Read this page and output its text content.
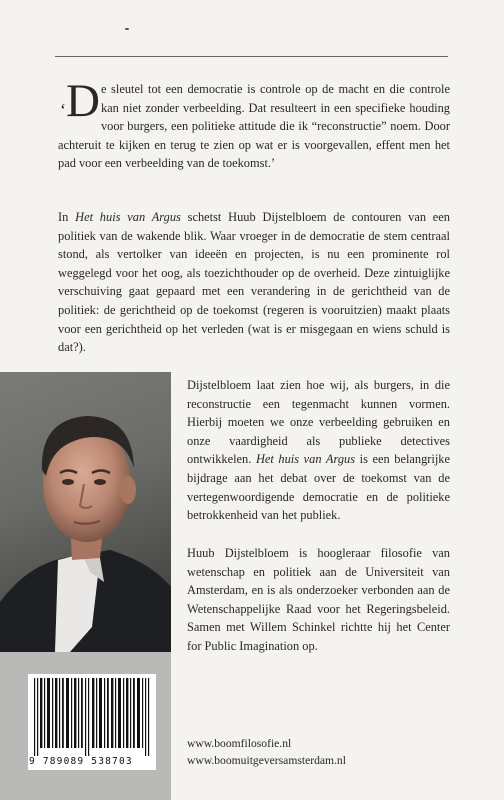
‘D e sleutel tot een democratie is controle op de macht en die controle kan niet zonder verbeelding. Dat resulteert in een specifieke houding voor burgers, een politieke attitude die ik “reconstructie” noem. Door achteruit te kijken en terug te zien op wat er is voorgevallen, effent men het pad voor een verbeelding van de toekomst.’
In Het huis van Argus schetst Huub Dijstelbloem de contouren van een politiek van de wakende blik. Waar vroeger in de democratie de stem centraal stond, als vertolker van ideeën en projecten, is nu een prominente rol weggelegd voor het oog, als toezichthouder op de overheid. Deze zintuiglijke verschuiving gaat gepaard met een verandering in de gerichtheid van de politiek: de gerichtheid op de toekomst (regeren is vooruitzien) maakt plaats voor een gerichtheid op het verleden (wat is er misgegaan en wiens schuld is dat?).
9 789089 538703

Dijstelbloem laat zien hoe wij, als burgers, in die reconstructie een tegenmacht kunnen vormen. Hierbij moeten we onze verbeelding gebruiken en onze vaardigheid als publieke detectives ontwikkelen. Het huis van Argus is een belangrijke bijdrage aan het debat over de toekomst van de vertegenwoordigende democratie en de politieke betrokkenheid van het publiek.

Huub Dijstelbloem is hoogleraar filosofie van wetenschap en politiek aan de Universiteit van Amsterdam, en is als onderzoeker verbonden aan de Wetenschappelijke Raad voor het Regeringsbeleid. Samen met Willem Schinkel richtte hij het Center for Public Imagination op.

www.boomfilosofie.nl
www.boomuitgeversamsterdam.nl
